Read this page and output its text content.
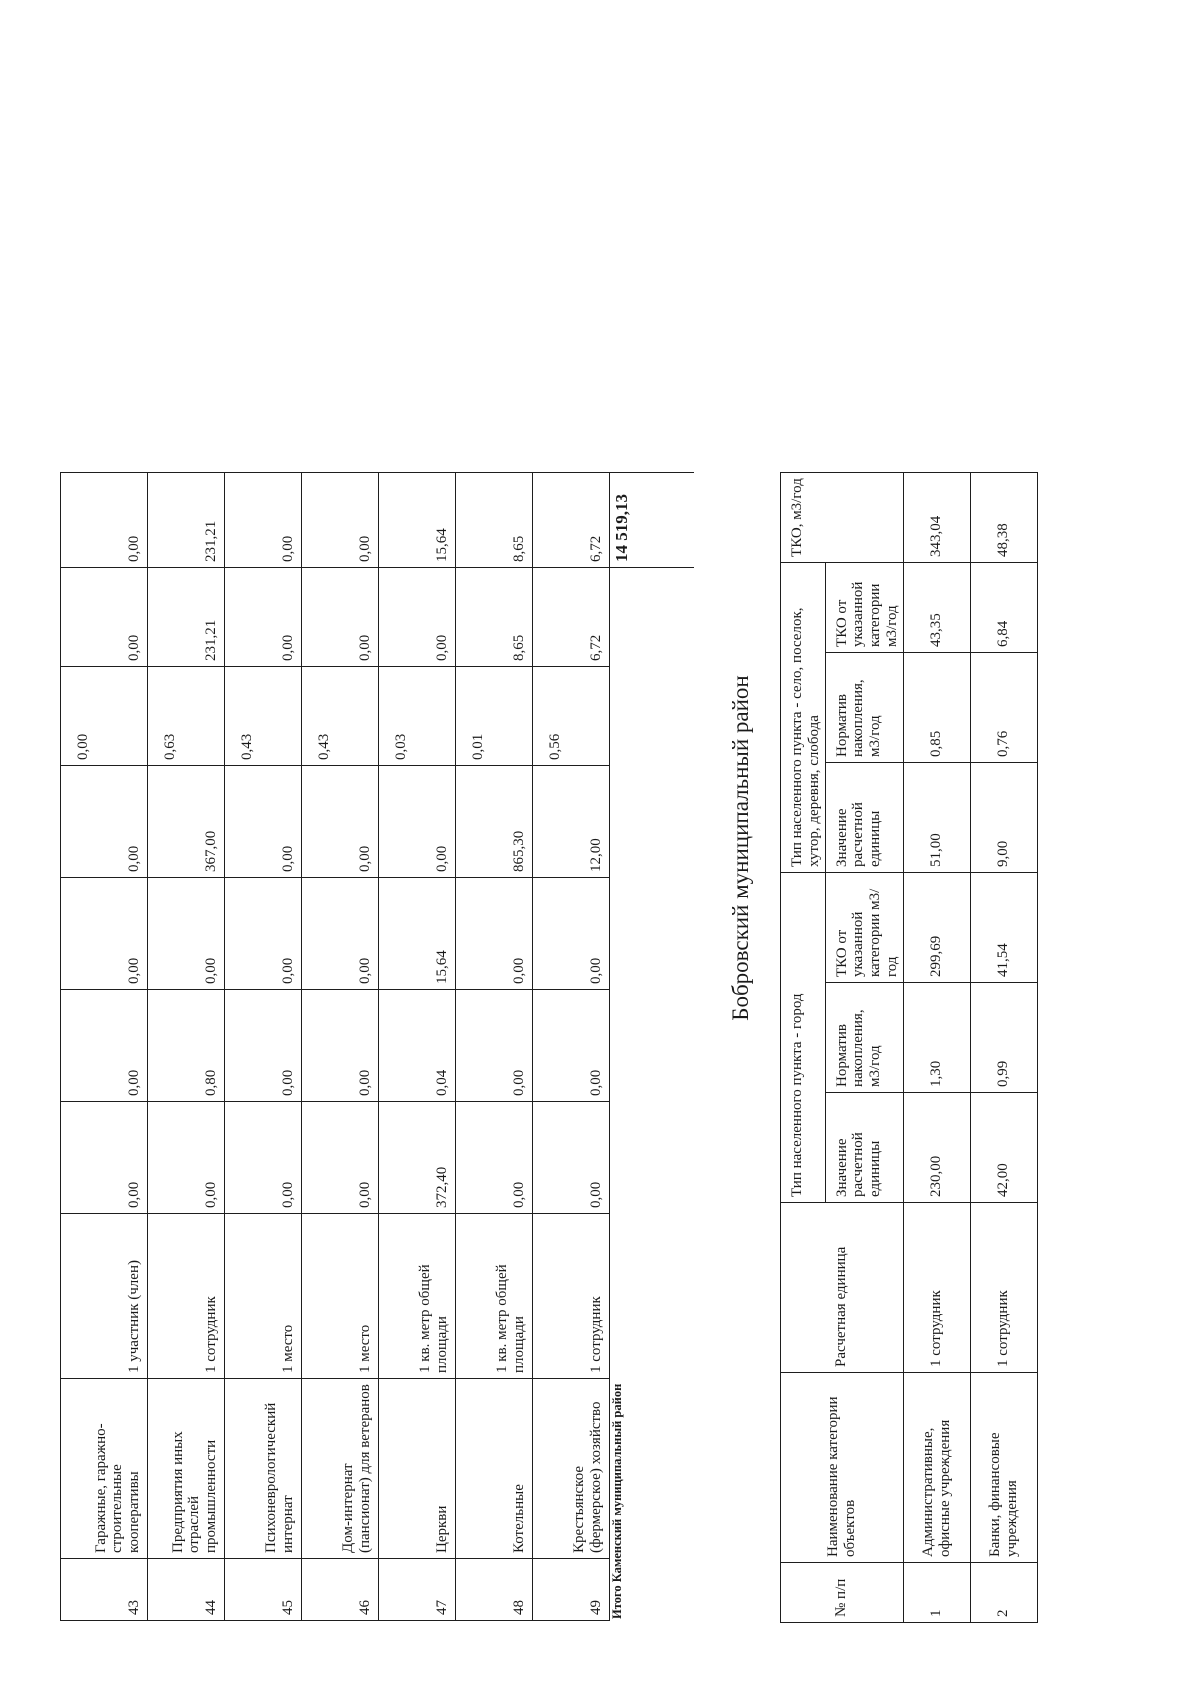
43	Гаражные, гаражно-строительные кооперативы	1 участник (член)	0,00	0,00	0,00	0,00	0,00	0,00	0,00
44	Предприятия иных отраслей промышленности	1 сотрудник	0,00	0,80	0,00	367,00	0,63	231,21	231,21
45	Психоневрологический интернат	1 место	0,00	0,00	0,00	0,00	0,43	0,00	0,00
46	Дом-интернат (пансионат) для ветеранов	1 место	0,00	0,00	0,00	0,00	0,43	0,00	0,00
47	Церкви	1 кв. метр общей площади	372,40	0,04	15,64	0,00	0,03	0,00	15,64
48	Котельные	1 кв. метр общей площади	0,00	0,00	0,00	865,30	0,01	8,65	8,65
49	Крестьянское (фермерское) хозяйство	1 сотрудник	0,00	0,00	0,00	12,00	0,56	6,72	6,72
									14 519,13
Итого Каменский муниципальный район
Бобровский муниципальный район
№ п/п	Наименование категории объектов	Расчетная единица	Тип населенного пункта - город			Тип населенного пункта - село, поселок, хутор, деревня, слобода			ТКО, м3/год
			Значение расчетной единицы	Норматив накопления, м3/год	ТКО от указанной категории м3/год	Значение расчетной единицы	Норматив накопления, м3/год	ТКО от указанной категории м3/год	
1	Административные, офисные учреждения	1 сотрудник	230,00	1,30	299,69	51,00	0,85	43,35	343,04
2	Банки, финансовые учреждения	1 сотрудник	42,00	0,99	41,54	9,00	0,76	6,84	48,38
